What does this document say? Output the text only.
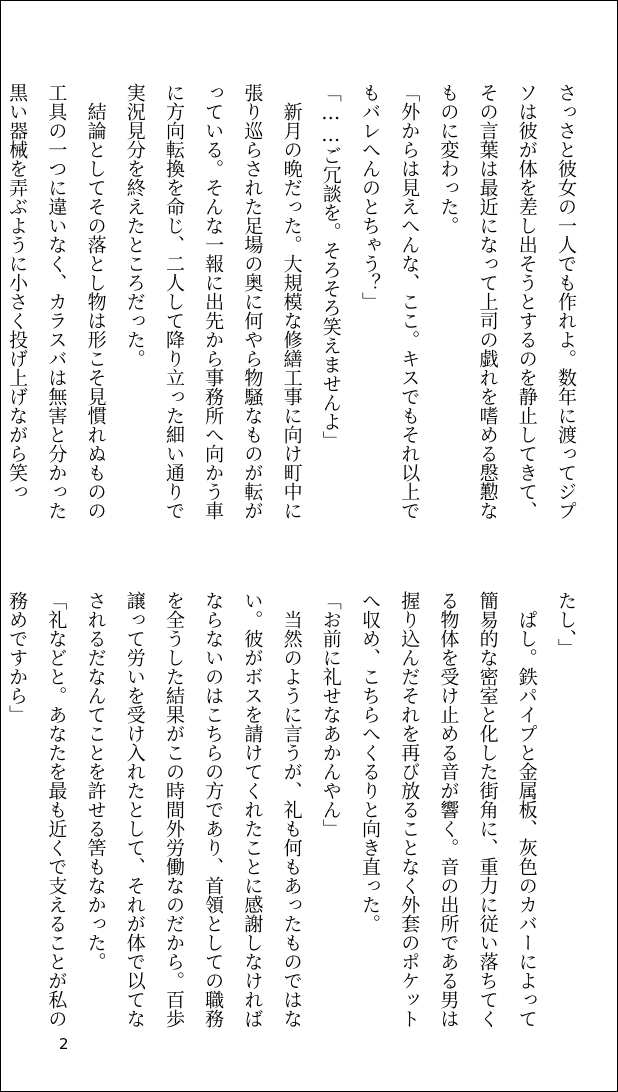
さっさと彼女の一人でも作れよ。数年に渡ってジプソは彼が体を差し出そうとするのを静止してきて、その言葉は最近になって上司の戯れを嗜める慇懃なものに変わった。

「外からは見えへんな、ここ。キスでもそれ以上でもバレへんのとちゃう？」

「……ご冗談を。そろそろ笑えませんよ」

　新月の晩だった。大規模な修繕工事に向け町中に張り巡らされた足場の奥に何やら物騒なものが転がっている。そんな一報に出先から事務所へ向かう車に方向転換を命じ、二人して降り立った細い通りで実況見分を終えたところだった。

　結論としてその落とし物は形こそ見慣れぬものの工具の一つに違いなく、カラスバは無害と分かった黒い器械を弄ぶように小さく投げ上げながら笑っ

たし、」

　ぱし。鉄パイプと金属板、灰色のカバーによって簡易的な密室と化した街角に、重力に従い落ちてくる物体を受け止める音が響く。音の出所である男は握り込んだそれを再び放ることなく外套のポケットへ収め、こちらへくるりと向き直った。

「お前に礼せなあかんやん」

　当然のように言うが、礼も何もあったものではない。彼がボスを請けてくれたことに感謝しなければならないのはこちらの方であり、首領としての職務を全うした結果がこの時間外労働なのだから。百歩譲って労いを受け入れたとして、それが体で以てなされるだなんてことを許せる筈もなかった。

「礼などと。あなたを最も近くで支えることが私の務めですから」

2
